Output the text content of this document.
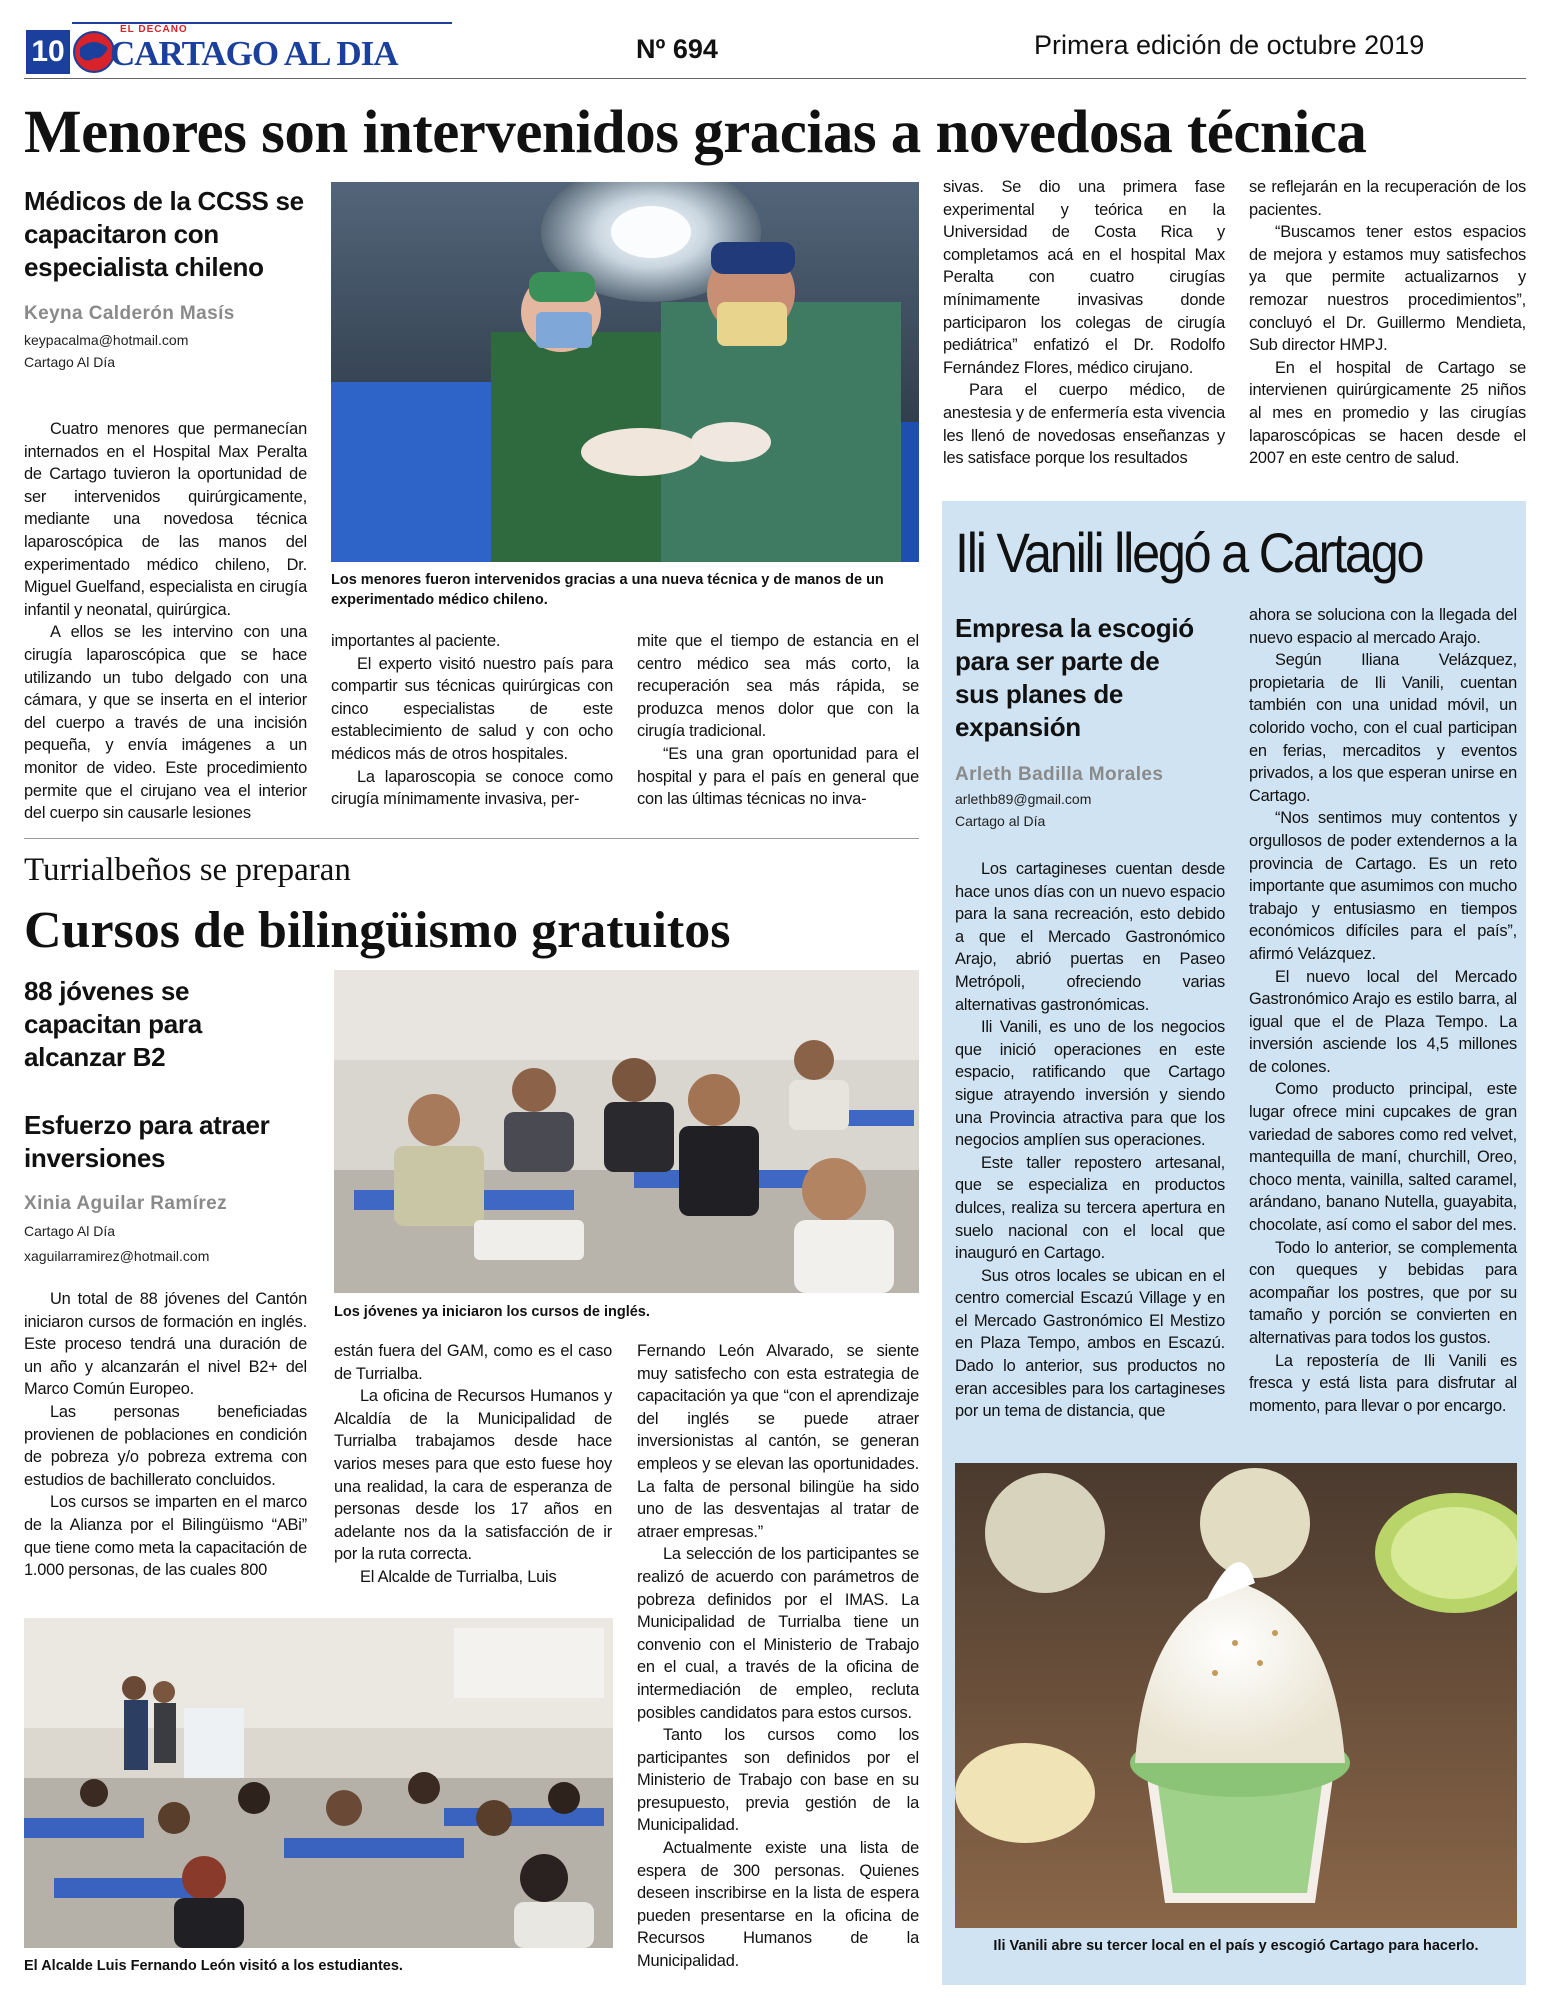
10
EL DECANO
CARTAGO AL DIA	Nº 694	Primera edición de octubre 2019
Menores son intervenidos gracias a novedosa técnica
Médicos de la CCSS se capacitaron con especialista chileno
Keyna Calderón Masís
keypacalma@hotmail.com
Cartago Al Día

Cuatro menores que permanecían internados en el Hospital Max Peralta de Cartago tuvieron la oportunidad de ser intervenidos quirúrgicamente, mediante una novedosa técnica laparoscópica de las manos del experimentado médico chileno, Dr. Miguel Guelfand, especialista en cirugía infantil y neonatal, quirúrgica.

A ellos se les intervino con una cirugía laparoscópica que se hace utilizando un tubo delgado con una cámara, y que se inserta en el interior del cuerpo a través de una incisión pequeña, y envía imágenes a un monitor de video. Este procedimiento permite que el cirujano vea el interior del cuerpo sin causarle lesiones

Los menores fueron intervenidos gracias a una nueva técnica y de manos de un experimentado médico chileno.

importantes al paciente.

El experto visitó nuestro país para compartir sus técnicas quirúrgicas con cinco especialistas de este establecimiento de salud y con ocho médicos más de otros hospitales.

La laparoscopia se conoce como cirugía mínimamente invasiva, per-

mite que el tiempo de estancia en el centro médico sea más corto, la recuperación sea más rápida, se produzca menos dolor que con la cirugía tradicional.

“Es una gran oportunidad para el hospital y para el país en general que con las últimas técnicas no inva-

sivas. Se dio una primera fase experimental y teórica en la Universidad de Costa Rica y completamos acá en el hospital Max Peralta con cuatro cirugías mínimamente invasivas donde participaron los colegas de cirugía pediátrica” enfatizó el Dr. Rodolfo Fernández Flores, médico cirujano.

Para el cuerpo médico, de anestesia y de enfermería esta vivencia les llenó de novedosas enseñanzas y les satisface porque los resultados

se reflejarán en la recuperación de los pacientes.

“Buscamos tener estos espacios de mejora y estamos muy satisfechos ya que permite actualizarnos y remozar nuestros procedimientos”, concluyó el Dr. Guillermo Mendieta, Sub director HMPJ.

En el hospital de Cartago se intervienen quirúrgicamente 25 niños al mes en promedio y las cirugías laparoscópicas se hacen desde el 2007 en este centro de salud.

Ili Vanili llegó a Cartago
Empresa la escogió para ser parte de sus planes de expansión
Arleth Badilla Morales
arlethb89@gmail.com
Cartago al Día

Los cartagineses cuentan desde hace unos días con un nuevo espacio para la sana recreación, esto debido a que el Mercado Gastronómico Arajo, abrió puertas en Paseo Metrópoli, ofreciendo varias alternativas gastronómicas.

Ili Vanili, es uno de los negocios que inició operaciones en este espacio, ratificando que Cartago sigue atrayendo inversión y siendo una Provincia atractiva para que los negocios amplíen sus operaciones.

Este taller repostero artesanal, que se especializa en productos dulces, realiza su tercera apertura en suelo nacional con el local que inauguró en Cartago.

Sus otros locales se ubican en el centro comercial Escazú Village y en el Mercado Gastronómico El Mestizo en Plaza Tempo, ambos en Escazú. Dado lo anterior, sus productos no eran accesibles para los cartagineses por un tema de distancia, que

ahora se soluciona con la llegada del nuevo espacio al mercado Arajo.

Según Iliana Velázquez, propietaria de Ili Vanili, cuentan también con una unidad móvil, un colorido vocho, con el cual participan en ferias, mercaditos y eventos privados, a los que esperan unirse en Cartago.

“Nos sentimos muy contentos y orgullosos de poder extendernos a la provincia de Cartago. Es un reto importante que asumimos con mucho trabajo y entusiasmo en tiempos económicos difíciles para el país”, afirmó Velázquez.

El nuevo local del Mercado Gastronómico Arajo es estilo barra, al igual que el de Plaza Tempo. La inversión asciende los 4,5 millones de colones.

Como producto principal, este lugar ofrece mini cupcakes de gran variedad de sabores como red velvet, mantequilla de maní, churchill, Oreo, choco menta, vainilla, salted caramel, arándano, banano Nutella, guayabita, chocolate, así como el sabor del mes.

Todo lo anterior, se complementa con queques y bebidas para acompañar los postres, que por su tamaño y porción se convierten en alternativas para todos los gustos.

La repostería de Ili Vanili es fresca y está lista para disfrutar al momento, para llevar o por encargo.

Ili Vanili abre su tercer local en el país y escogió Cartago para hacerlo.
Turrialbeños se preparan
Cursos de bilingüismo gratuitos
88 jóvenes se capacitan para alcanzar B2
Esfuerzo para atraer inversiones
Xinia Aguilar Ramírez
Cartago Al Día
xaguilarramirez@hotmail.com

Un total de 88 jóvenes del Cantón iniciaron cursos de formación en inglés. Este proceso tendrá una duración de un año y alcanzarán el nivel B2+ del Marco Común Europeo.

Las personas beneficiadas provienen de poblaciones en condición de pobreza y/o pobreza extrema con estudios de bachillerato concluidos.

Los cursos se imparten en el marco de la Alianza por el Bilingüismo “ABi” que tiene como meta la capacitación de 1.000 personas, de las cuales 800

Los jóvenes ya iniciaron los cursos de inglés.

están fuera del GAM, como es el caso de Turrialba.

La oficina de Recursos Humanos y Alcaldía de la Municipalidad de Turrialba trabajamos desde hace varios meses para que esto fuese hoy una realidad, la cara de esperanza de personas desde los 17 años en adelante nos da la satisfacción de ir por la ruta correcta.

El Alcalde de Turrialba, Luis

Fernando León Alvarado, se siente muy satisfecho con esta estrategia de capacitación ya que “con el aprendizaje del inglés se puede atraer inversionistas al cantón, se generan empleos y se elevan las oportunidades. La falta de personal bilingüe ha sido uno de las desventajas al tratar de atraer empresas.”

La selección de los participantes se realizó de acuerdo con parámetros de pobreza definidos por el IMAS. La Municipalidad de Turrialba tiene un convenio con el Ministerio de Trabajo en el cual, a través de la oficina de intermediación de empleo, recluta posibles candidatos para estos cursos.

Tanto los cursos como los participantes son definidos por el Ministerio de Trabajo con base en su presupuesto, previa gestión de la Municipalidad.

Actualmente existe una lista de espera de 300 personas. Quienes deseen inscribirse en la lista de espera pueden presentarse en la oficina de Recursos Humanos de la Municipalidad.

El Alcalde Luis Fernando León visitó a los estudiantes.
